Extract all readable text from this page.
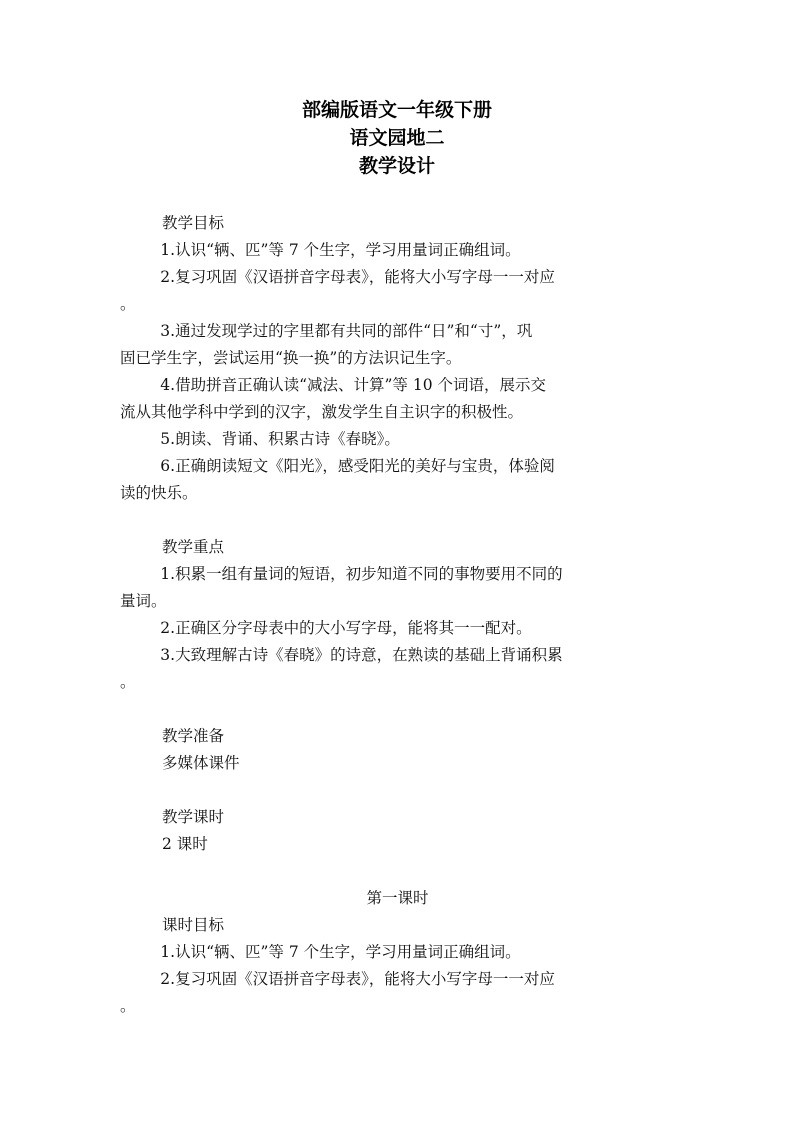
部编版语文一年级下册
语文园地二
教学设计
教学目标
1.认识“辆、匹”等 7 个生字，学习用量词正确组词。
2.复习巩固《汉语拼音字母表》，能将大小写字母一一对应
。
3.通过发现学过的字里都有共同的部件“日”和“寸”，巩
固已学生字，尝试运用“换一换”的方法识记生字。
4.借助拼音正确认读“减法、计算”等 10 个词语，展示交
流从其他学科中学到的汉字，激发学生自主识字的积极性。
5.朗读、背诵、积累古诗《春晓》。
6.正确朗读短文《阳光》，感受阳光的美好与宝贵，体验阅
读的快乐。
教学重点
1.积累一组有量词的短语，初步知道不同的事物要用不同的
量词。
2.正确区分字母表中的大小写字母，能将其一一配对。
3.大致理解古诗《春晓》的诗意，在熟读的基础上背诵积累
。
教学准备
多媒体课件
教学课时
2 课时
第一课时
课时目标
1.认识“辆、匹”等 7 个生字，学习用量词正确组词。
2.复习巩固《汉语拼音字母表》，能将大小写字母一一对应
。
